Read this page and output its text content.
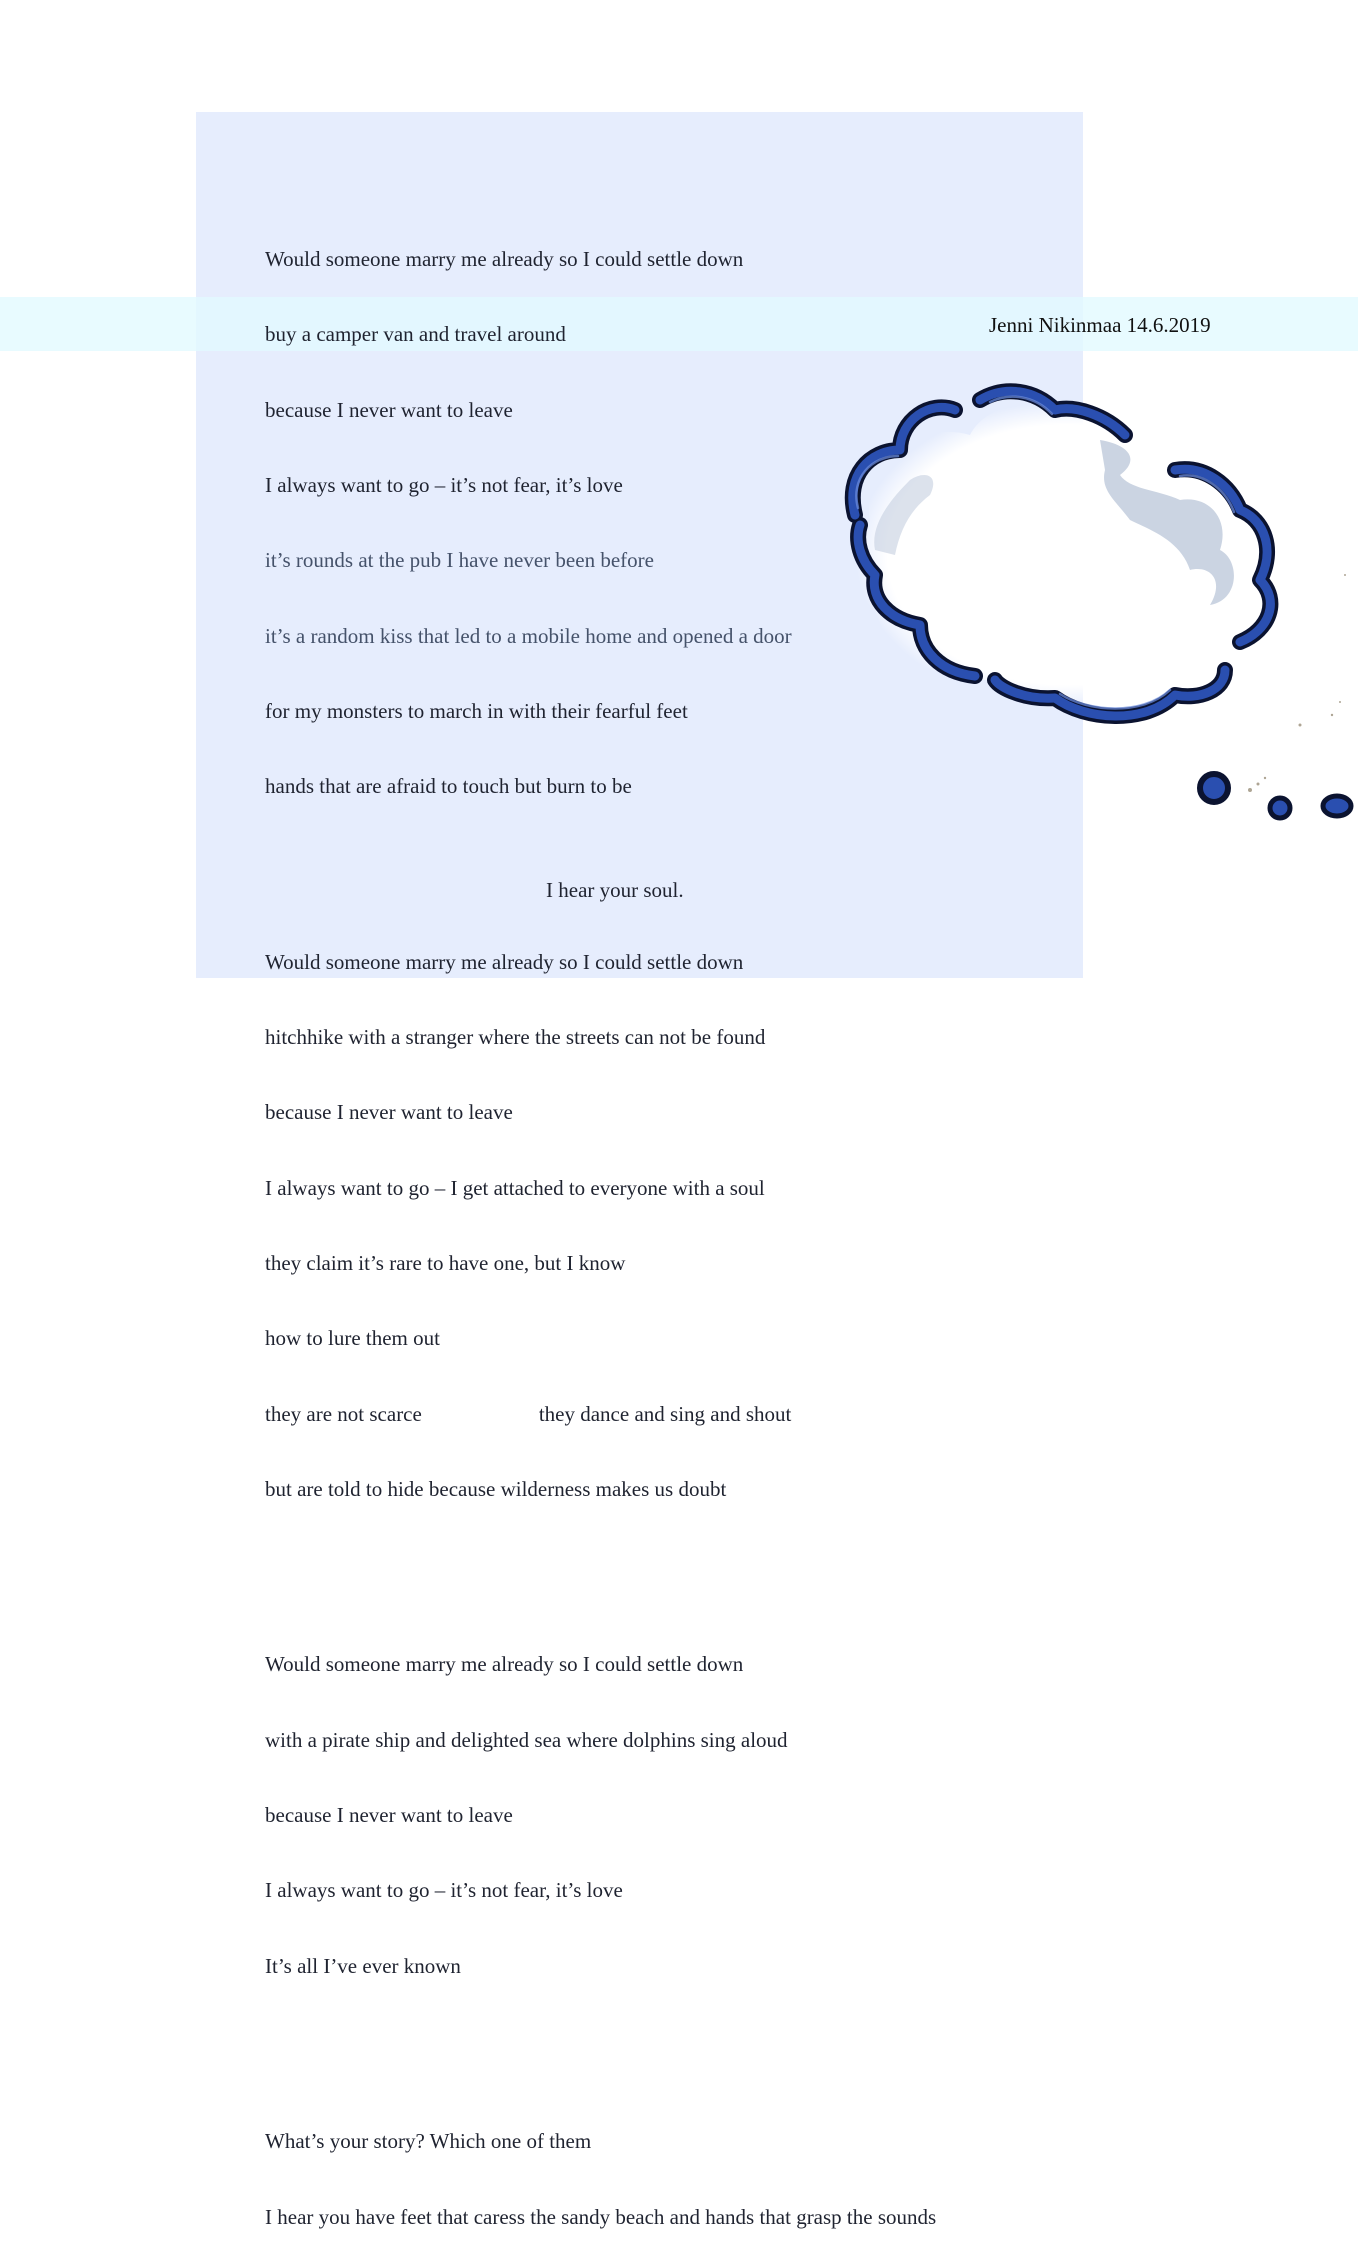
Would someone marry me already so I could settle down

buy a camper van and travel around

because I never want to leave

I always want to go – it’s not fear, it’s love

it’s rounds at the pub I have never been before

it’s a random kiss that led to a mobile home and opened a door

for my monsters to march in with their fearful feet

hands that are afraid to touch but burn to be

Would someone marry me already so I could settle down

hitchhike with a stranger where the streets can not be found

because I never want to leave

I always want to go – I get attached to everyone with a soul

they claim it’s rare to have one, but I know

how to lure them out

they are not scarce	they dance and sing and shout

but are told to hide because wilderness makes us doubt

Would someone marry me already so I could settle down

with a pirate ship and delighted sea where dolphins sing aloud

because I never want to leave

I always want to go – it’s not fear, it’s love

It’s all I’ve ever known

What’s your story? Which one of them

I hear you have feet that caress the sandy beach and hands that grasp the sounds

I hear your soul.
Jenni Nikinmaa 14.6.2019
